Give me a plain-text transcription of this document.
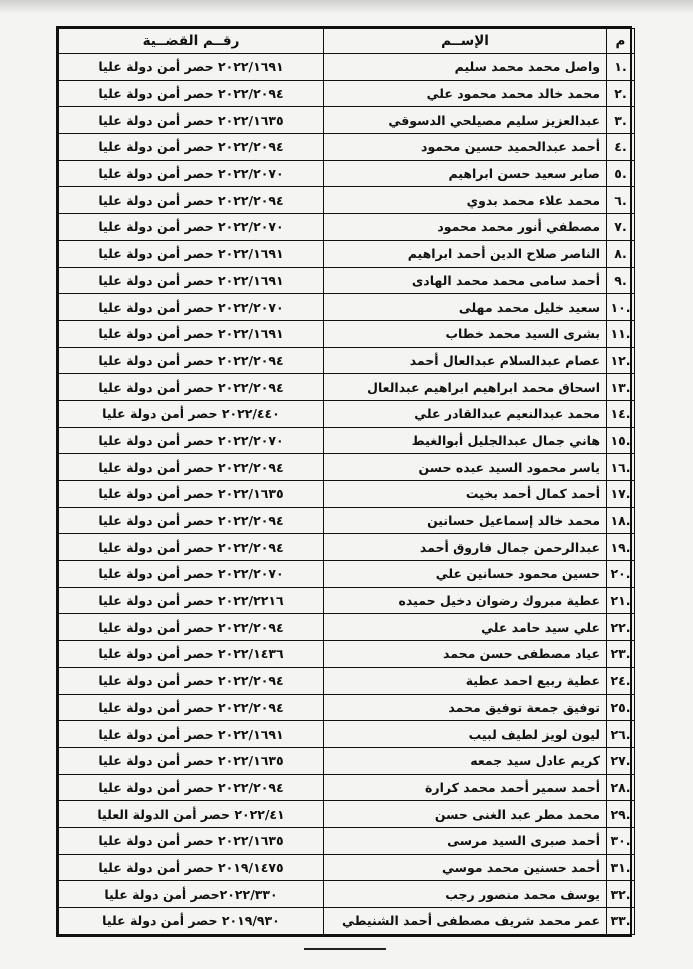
م	الإســم	رقــم القضــية
.١	واصل محمد محمد سليم	٢٠٢٢/١٦٩١ حصر أمن دولة عليا
.٢	محمد خالد محمد محمود علي	٢٠٢٢/٢٠٩٤ حصر أمن دولة عليا
.٣	عبدالعزيز سليم مصيلحي الدسوقي	٢٠٢٢/١٦٣٥ حصر أمن دولة عليا
.٤	أحمد عبدالحميد حسين محمود	٢٠٢٢/٢٠٩٤ حصر أمن دولة عليا
.٥	صابر سعيد حسن ابراهيم	٢٠٢٢/٢٠٧٠ حصر أمن دولة عليا
.٦	محمد علاء محمد بدوي	٢٠٢٢/٢٠٩٤ حصر أمن دولة عليا
.٧	مصطفي أنور محمد محمود	٢٠٢٢/٢٠٧٠ حصر أمن دولة عليا
.٨	الناصر صلاح الدين أحمد ابراهيم	٢٠٢٢/١٦٩١ حصر أمن دولة عليا
.٩	أحمد سامى محمد محمد الهادى	٢٠٢٢/١٦٩١ حصر أمن دولة عليا
.١٠	سعيد خليل محمد مهلى	٢٠٢٢/٢٠٧٠ حصر أمن دولة عليا
.١١	بشرى السيد محمد خطاب	٢٠٢٢/١٦٩١ حصر أمن دولة عليا
.١٢	عصام عبدالسلام عبدالعال أحمد	٢٠٢٢/٢٠٩٤ حصر أمن دولة عليا
.١٣	اسحاق محمد ابراهيم ابراهيم عبدالعال	٢٠٢٢/٢٠٩٤ حصر أمن دولة عليا
.١٤	محمد عبدالنعيم عبدالقادر علي	٢٠٢٢/٤٤٠ حصر أمن دولة عليا
.١٥	هاني جمال عبدالجليل أبوالغيط	٢٠٢٢/٢٠٧٠ حصر أمن دولة عليا
.١٦	ياسر محمود السيد عبده حسن	٢٠٢٢/٢٠٩٤ حصر أمن دولة عليا
.١٧	أحمد كمال أحمد بخيت	٢٠٢٢/١٦٣٥ حصر أمن دولة عليا
.١٨	محمد خالد إسماعيل حسانين	٢٠٢٢/٢٠٩٤ حصر أمن دولة عليا
.١٩	عبدالرحمن جمال فاروق أحمد	٢٠٢٢/٢٠٩٤ حصر أمن دولة عليا
.٢٠	حسين محمود حسانين علي	٢٠٢٢/٢٠٧٠ حصر أمن دولة عليا
.٢١	عطية مبروك رضوان دخيل حميده	٢٠٢٢/٢٢١٦ حصر أمن دولة عليا
.٢٢	علي سيد حامد علي	٢٠٢٢/٢٠٩٤ حصر أمن دولة عليا
.٢٣	عياد مصطفى حسن محمد	٢٠٢٢/١٤٣٦ حصر أمن دولة عليا
.٢٤	عطية ربيع احمد عطية	٢٠٢٢/٢٠٩٤ حصر أمن دولة عليا
.٢٥	توفيق جمعة توفيق محمد	٢٠٢٢/٢٠٩٤ حصر أمن دولة عليا
.٢٦	ليون لويز لطيف لبيب	٢٠٢٢/١٦٩١ حصر أمن دولة عليا
.٢٧	كريم عادل سيد جمعه	٢٠٢٢/١٦٣٥ حصر أمن دولة عليا
.٢٨	أحمد سمير أحمد محمد كرارة	٢٠٢٢/٢٠٩٤ حصر أمن دولة عليا
.٢٩	محمد مطر عبد الغنى حسن	٢٠٢٢/٤١ حصر أمن الدولة العليا
.٣٠	أحمد صبرى السيد مرسى	٢٠٢٢/١٦٣٥ حصر أمن دولة عليا
.٣١	أحمد حسنين محمد موسي	٢٠١٩/١٤٧٥ حصر أمن دولة عليا
.٣٢	يوسف محمد منصور رجب	٢٠٢٢/٣٣٠حصر أمن دولة عليا
.٣٣	عمر محمد شريف مصطفى أحمد الشنيطي	٢٠١٩/٩٣٠ حصر أمن دولة عليا
